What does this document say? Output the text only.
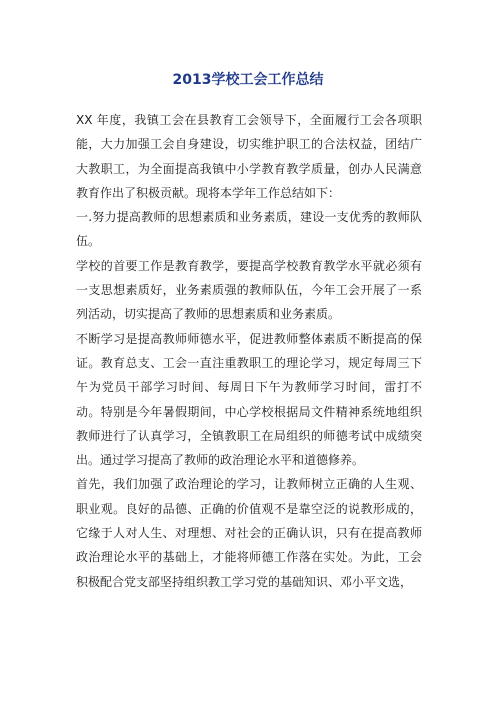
2013学校工会工作总结

XX 年度，我镇工会在县教育工会领导下，全面履行工会各项职能，大力加强工会自身建设，切实维护职工的合法权益，团结广大教职工，为全面提高我镇中小学教育教学质量，创办人民满意教育作出了积极贡献。现将本学年工作总结如下：

一.努力提高教师的思想素质和业务素质，建设一支优秀的教师队伍。

学校的首要工作是教育教学，要提高学校教育教学水平就必须有一支思想素质好，业务素质强的教师队伍，今年工会开展了一系列活动，切实提高了教师的思想素质和业务素质。

不断学习是提高教师师德水平，促进教师整体素质不断提高的保证。教育总支、工会一直注重教职工的理论学习，规定每周三下午为党员干部学习时间、每周日下午为教师学习时间，雷打不动。特别是今年暑假期间，中心学校根据局文件精神系统地组织教师进行了认真学习，全镇教职工在局组织的师德考试中成绩突出。通过学习提高了教师的政治理论水平和道德修养。

首先，我们加强了政治理论的学习，让教师树立正确的人生观、职业观。良好的品德、正确的价值观不是靠空泛的说教形成的，它缘于人对人生、对理想、对社会的正确认识，只有在提高教师政治理论水平的基础上，才能将师德工作落在实处。为此，工会积极配合党支部坚持组织教工学习党的基础知识、邓小平文选，
